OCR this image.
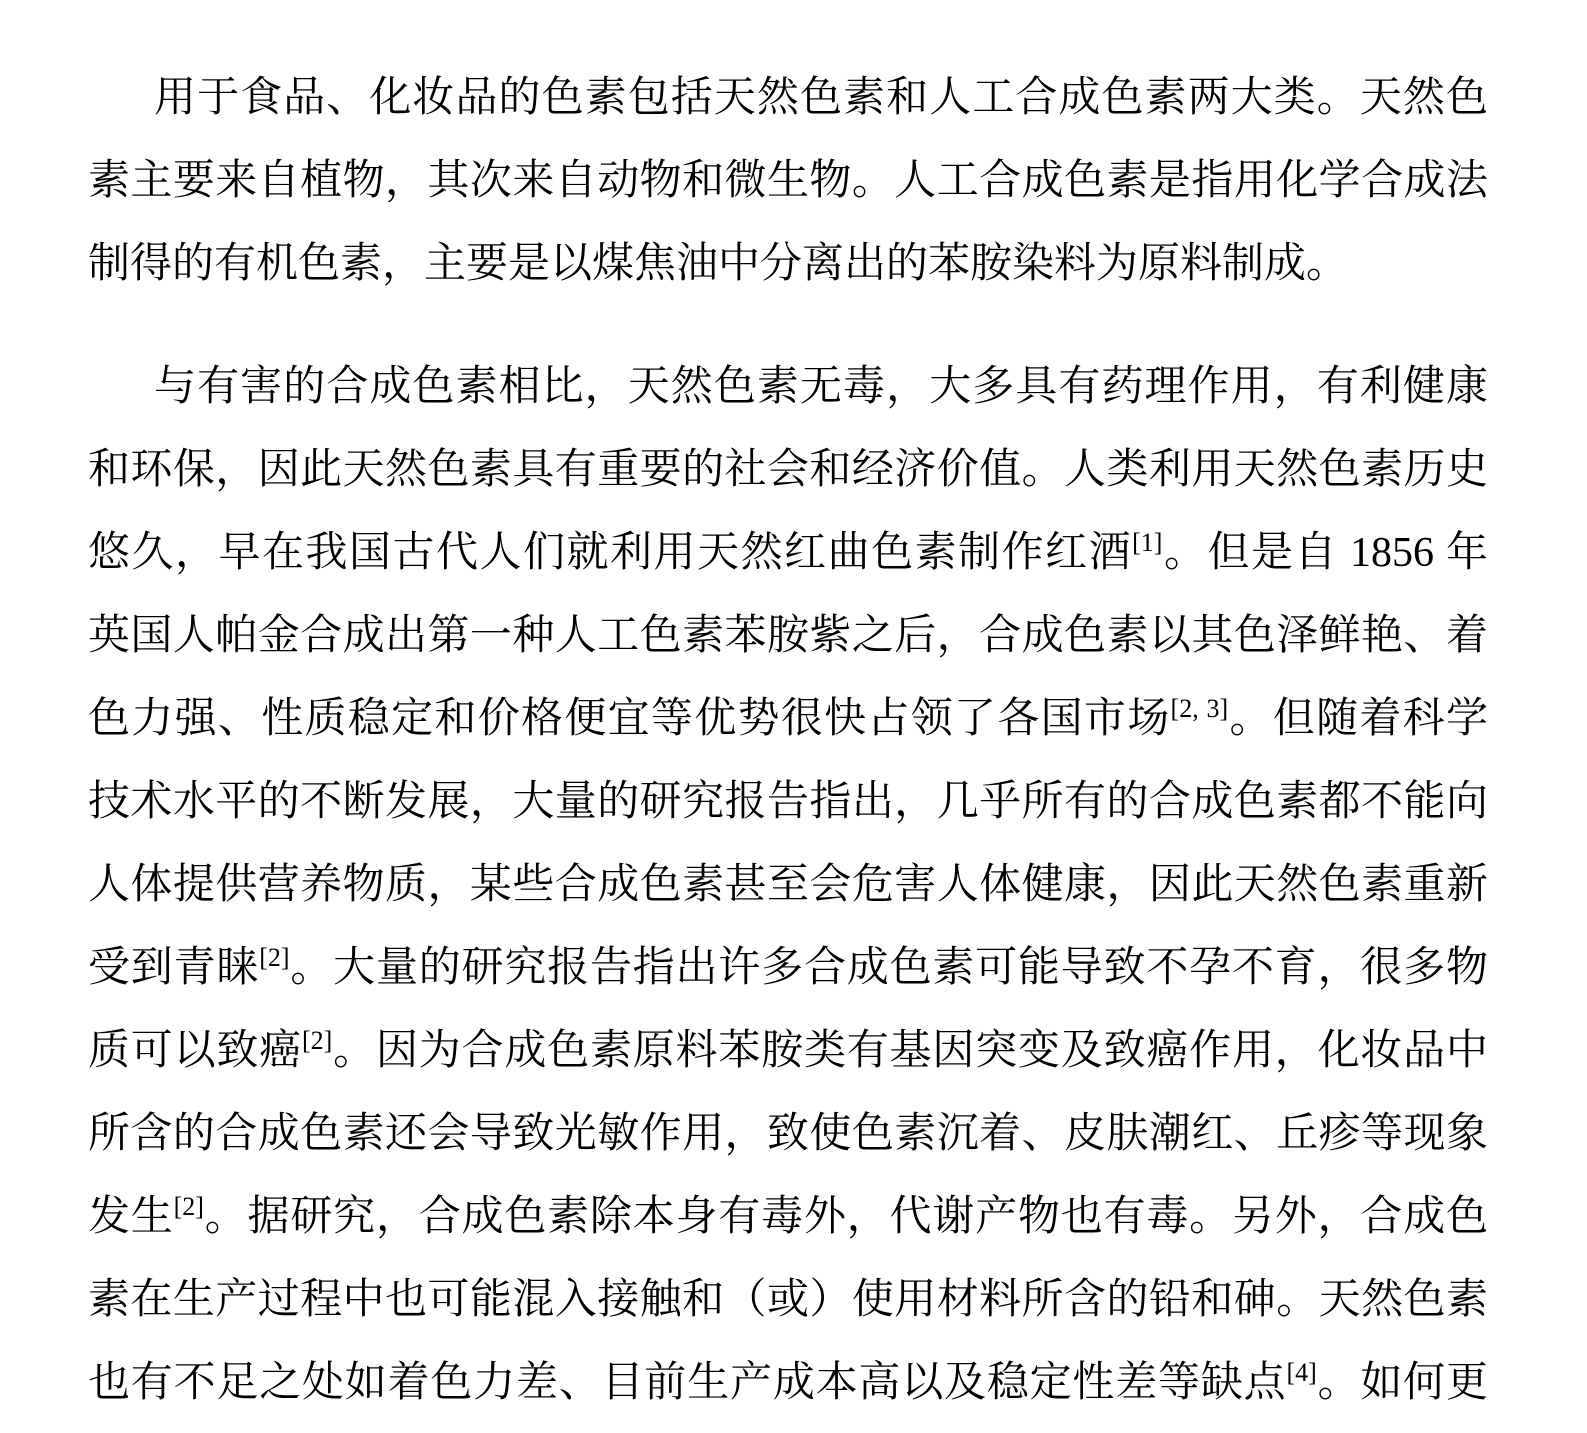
用于食品、化妆品的色素包括天然色素和人工合成色素两大类。天然色
素主要来自植物，其次来自动物和微生物。人工合成色素是指用化学合成法
制得的有机色素，主要是以煤焦油中分离出的苯胺染料为原料制成。
与有害的合成色素相比，天然色素无毒，大多具有药理作用，有利健康
和环保，因此天然色素具有重要的社会和经济价值。人类利用天然色素历史
悠久，早在我国古代人们就利用天然红曲色素制作红酒[1]。但是自 1856 年
英国人帕金合成出第一种人工色素苯胺紫之后，合成色素以其色泽鲜艳、着
色力强、性质稳定和价格便宜等优势很快占领了各国市场[2, 3]。但随着科学
技术水平的不断发展，大量的研究报告指出，几乎所有的合成色素都不能向
人体提供营养物质，某些合成色素甚至会危害人体健康，因此天然色素重新
受到青睐[2]。大量的研究报告指出许多合成色素可能导致不孕不育，很多物
质可以致癌[2]。因为合成色素原料苯胺类有基因突变及致癌作用，化妆品中
所含的合成色素还会导致光敏作用，致使色素沉着、皮肤潮红、丘疹等现象
发生[2]。据研究，合成色素除本身有毒外，代谢产物也有毒。另外，合成色
素在生产过程中也可能混入接触和（或）使用材料所含的铅和砷。天然色素
也有不足之处如着色力差、目前生产成本高以及稳定性差等缺点[4]。如何更
